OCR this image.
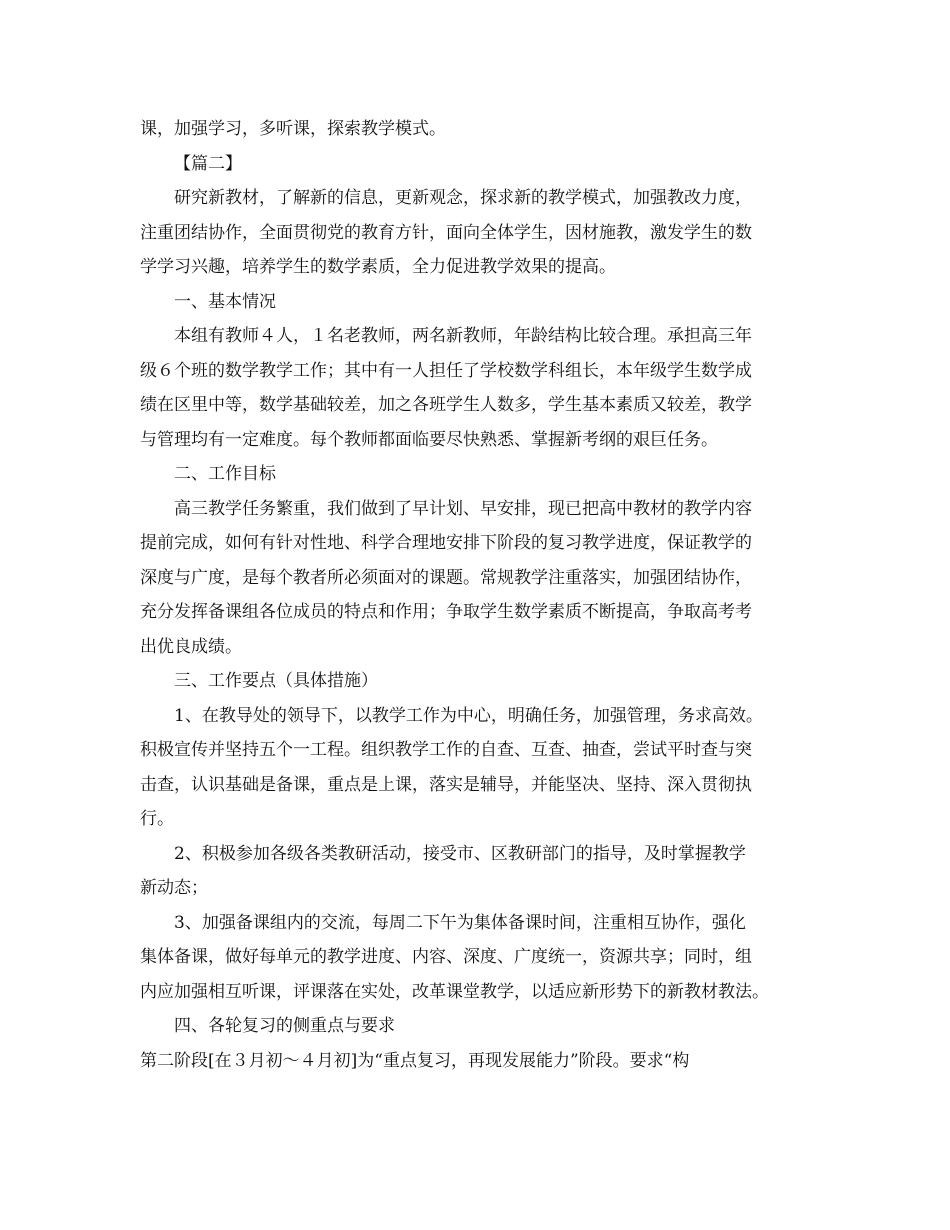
课，加强学习，多听课，探索教学模式。
【篇二】
研究新教材，了解新的信息，更新观念，探求新的教学模式，加强教改力度，
注重团结协作，全面贯彻党的教育方针，面向全体学生，因材施教，激发学生的数
学学习兴趣，培养学生的数学素质，全力促进教学效果的提高。
一、基本情况
本组有教师４人，１名老教师，两名新教师，年龄结构比较合理。承担高三年
级６个班的数学教学工作；其中有一人担任了学校数学科组长，本年级学生数学成
绩在区里中等，数学基础较差，加之各班学生人数多，学生基本素质又较差，教学
与管理均有一定难度。每个教师都面临要尽快熟悉、掌握新考纲的艰巨任务。
二、工作目标
高三教学任务繁重，我们做到了早计划、早安排，现已把高中教材的教学内容
提前完成，如何有针对性地、科学合理地安排下阶段的复习教学进度，保证教学的
深度与广度，是每个教者所必须面对的课题。常规教学注重落实，加强团结协作，
充分发挥备课组各位成员的特点和作用；争取学生数学素质不断提高，争取高考考
出优良成绩。
三、工作要点（具体措施）
1、在教导处的领导下，以教学工作为中心，明确任务，加强管理，务求高效。
积极宣传并坚持五个一工程。组织教学工作的自查、互查、抽查，尝试平时查与突
击查，认识基础是备课，重点是上课，落实是辅导，并能坚决、坚持、深入贯彻执
行。
2、积极参加各级各类教研活动，接受市、区教研部门的指导，及时掌握教学
新动态；
3、加强备课组内的交流，每周二下午为集体备课时间，注重相互协作，强化
集体备课，做好每单元的教学进度、内容、深度、广度统一，资源共享；同时，组
内应加强相互听课，评课落在实处，改革课堂教学，以适应新形势下的新教材教法。
四、各轮复习的侧重点与要求
第二阶段[在３月初～４月初]为“重点复习，再现发展能力”阶段。要求“构
